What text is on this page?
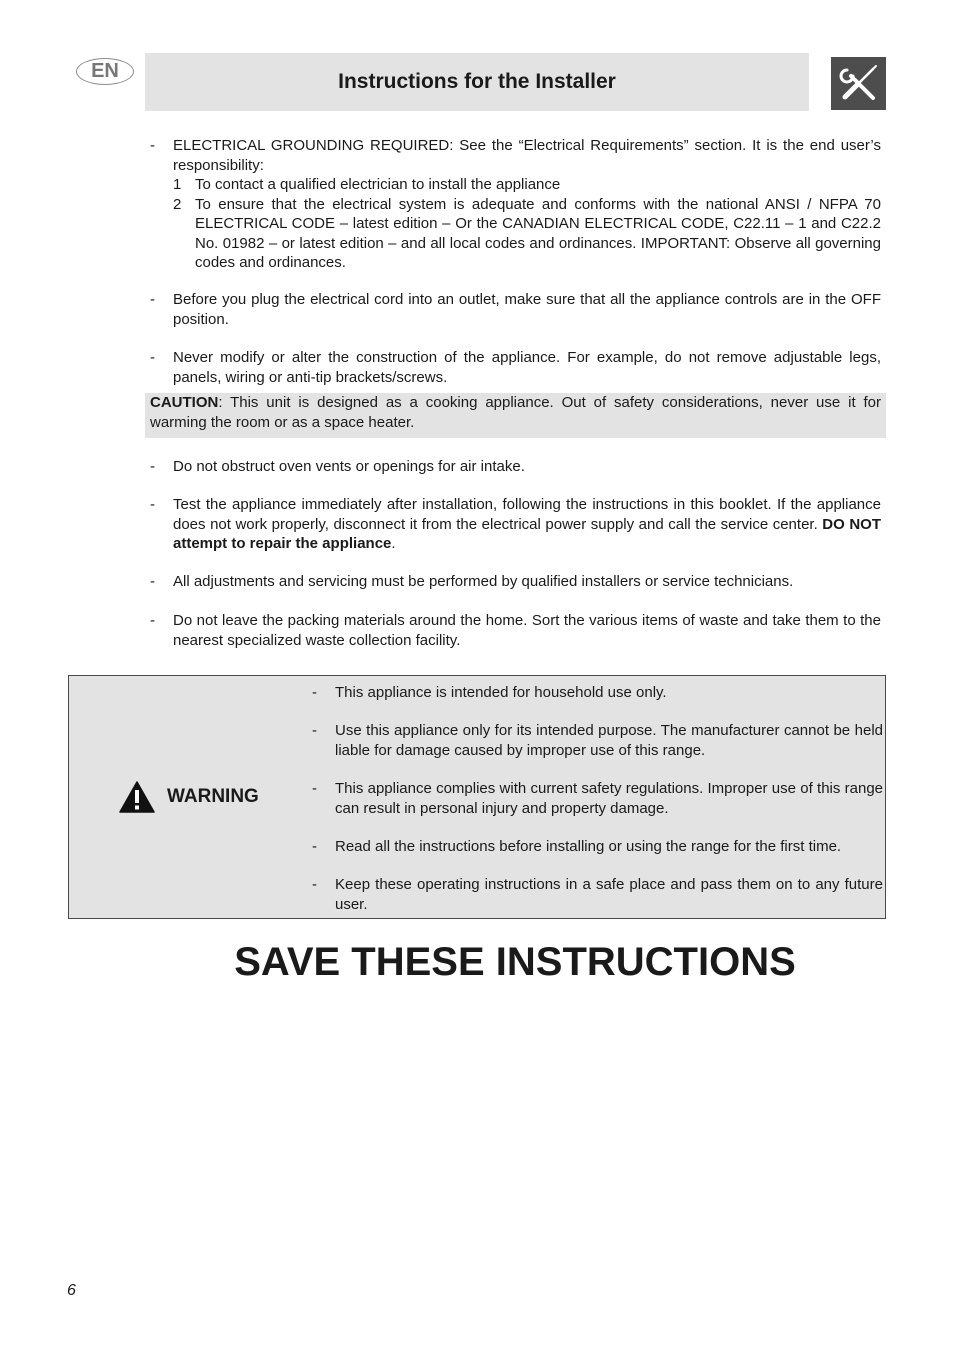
EN	Instructions for the Installer
- ELECTRICAL GROUNDING REQUIRED: See the “Electrical Requirements” section. It is the end user’s responsibility:
1 To contact a qualified electrician to install the appliance
2 To ensure that the electrical system is adequate and conforms with the national ANSI / NFPA 70 ELECTRICAL CODE – latest edition – Or the CANADIAN ELECTRICAL CODE, C22.11 – 1 and C22.2 No. 01982 – or latest edition – and all local codes and ordinances. IMPORTANT: Observe all governing codes and ordinances.
- Before you plug the electrical cord into an outlet, make sure that all the appliance controls are in the OFF position.
- Never modify or alter the construction of the appliance. For example, do not remove adjustable legs, panels, wiring or anti-tip brackets/screws.
CAUTION: This unit is designed as a cooking appliance. Out of safety considerations, never use it for warming the room or as a space heater.
- Do not obstruct oven vents or openings for air intake.
- Test the appliance immediately after installation, following the instructions in this booklet. If the appliance does not work properly, disconnect it from the electrical power supply and call the service center. DO NOT attempt to repair the appliance.
- All adjustments and servicing must be performed by qualified installers or service technicians.
- Do not leave the packing materials around the home. Sort the various items of waste and take them to the nearest specialized waste collection facility.
WARNING
- This appliance is intended for household use only.
- Use this appliance only for its intended purpose. The manufacturer cannot be held liable for damage caused by improper use of this range.
- This appliance complies with current safety regulations. Improper use of this range can result in personal injury and property damage.
- Read all the instructions before installing or using the range for the first time.
- Keep these operating instructions in a safe place and pass them on to any future user.
SAVE THESE INSTRUCTIONS
6
